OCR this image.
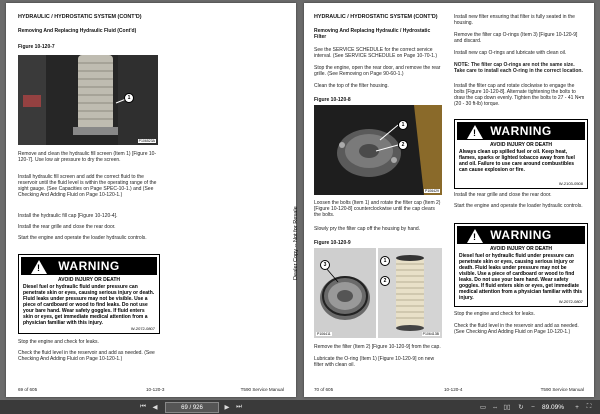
HYDRAULIC / HYDROSTATIC SYSTEM (CONT'D)
Removing And Replacing Hydraulic Fluid (Cont'd)
Figure 10-120-7
1
P106523A
Remove and clean the hydraulic fill screen (Item 1) [Figure 10-120-7]. Use low air pressure to dry the screen.
Install hydraulic fill screen and add the correct fluid to the reservoir until the fluid level is within the operating range of the sight gauge. (See Capacities on Page SPEC-10-1.) and (See Checking And Adding Fluid on Page 10-120-1.)
Install the hydraulic fill cap [Figure 10-120-4].
Install the rear grille and close the rear door.
Start the engine and operate the loader hydraulic controls.
! WARNING
AVOID INJURY OR DEATH
Diesel fuel or hydraulic fluid under pressure can penetrate skin or eyes, causing serious injury or death. Fluid leaks under pressure may not be visible. Use a piece of cardboard or wood to find leaks. Do not use your bare hand. Wear safety goggles. If fluid enters skin or eyes, get immediate medical attention from a physician familiar with this injury.
W-2072-0807
Stop the engine and check for leaks.
Check the fluid level in the reservoir and add as needed. (See Checking And Adding Fluid on Page 10-120-1.)
69 of 605	10-120-3	T590 Service Manual
Dealer Copy -- Not for Resale
HYDRAULIC / HYDROSTATIC SYSTEM (CONT'D)
Removing And Replacing Hydraulic / Hydrostatic Filter
See the SERVICE SCHEDULE for the correct service interval. (See SERVICE SCHEDULE on Page 10-70-1.)
Stop the engine, open the rear door, and remove the rear grille. (See Removing on Page 90-60-1.)
Clean the top of the filter housing.
Figure 10-120-8
1
2
P106429
Loosen the bolts (Item 1) and rotate the filter cap (Item 2) [Figure 10-120-8] counterclockwise until the cap clears the bolts.
Slowly pry the filter cap off the housing by hand.
Figure 10-120-9
3
P106411
1
2
P106413B
Remove the filter (Item 2) [Figure 10-120-9] from the cap.
Lubricate the O-ring (Item 1) [Figure 10-120-9] on new filter with clean oil.
Install new filter ensuring that filter is fully seated in the housing.
Remove the filter cap O-rings (Item 3) [Figure 10-120-9] and discard.
Install new cap O-rings and lubricate with clean oil.
NOTE: The filter cap O-rings are not the same size. Take care to install each O-ring in the correct location.
Install the filter cap and rotate clockwise to engage the bolts [Figure 10-120-8]. Alternate tightening the bolts to draw the cap down evenly. Tighten the bolts to 27 - 41 N•m (20 - 30 ft-lb) torque.
! WARNING
AVOID INJURY OR DEATH
Always clean up spilled fuel or oil. Keep heat, flames, sparks or lighted tobacco away from fuel and oil. Failure to use care around combustibles can cause explosion or fire.
W-2103-0508
Install the rear grille and close the rear door.
Start the engine and operate the loader hydraulic controls.
! WARNING
AVOID INJURY OR DEATH
Diesel fuel or hydraulic fluid under pressure can penetrate skin or eyes, causing serious injury or death. Fluid leaks under pressure may not be visible. Use a piece of cardboard or wood to find leaks. Do not use your bare hand. Wear safety goggles. If fluid enters skin or eyes, get immediate medical attention from a physician familiar with this injury.
W-2072-0807
Stop the engine and check for leaks.
Check the fluid level in the reservoir and add as needed. (See Checking And Adding Fluid on Page 10-120-1.)
70 of 605	10-120-4	T590 Service Manual
⏮	◀	69
/ 926	▶	⏭	▭ ⇔ ▯▯	↻	−	89.09%	+	⛶
